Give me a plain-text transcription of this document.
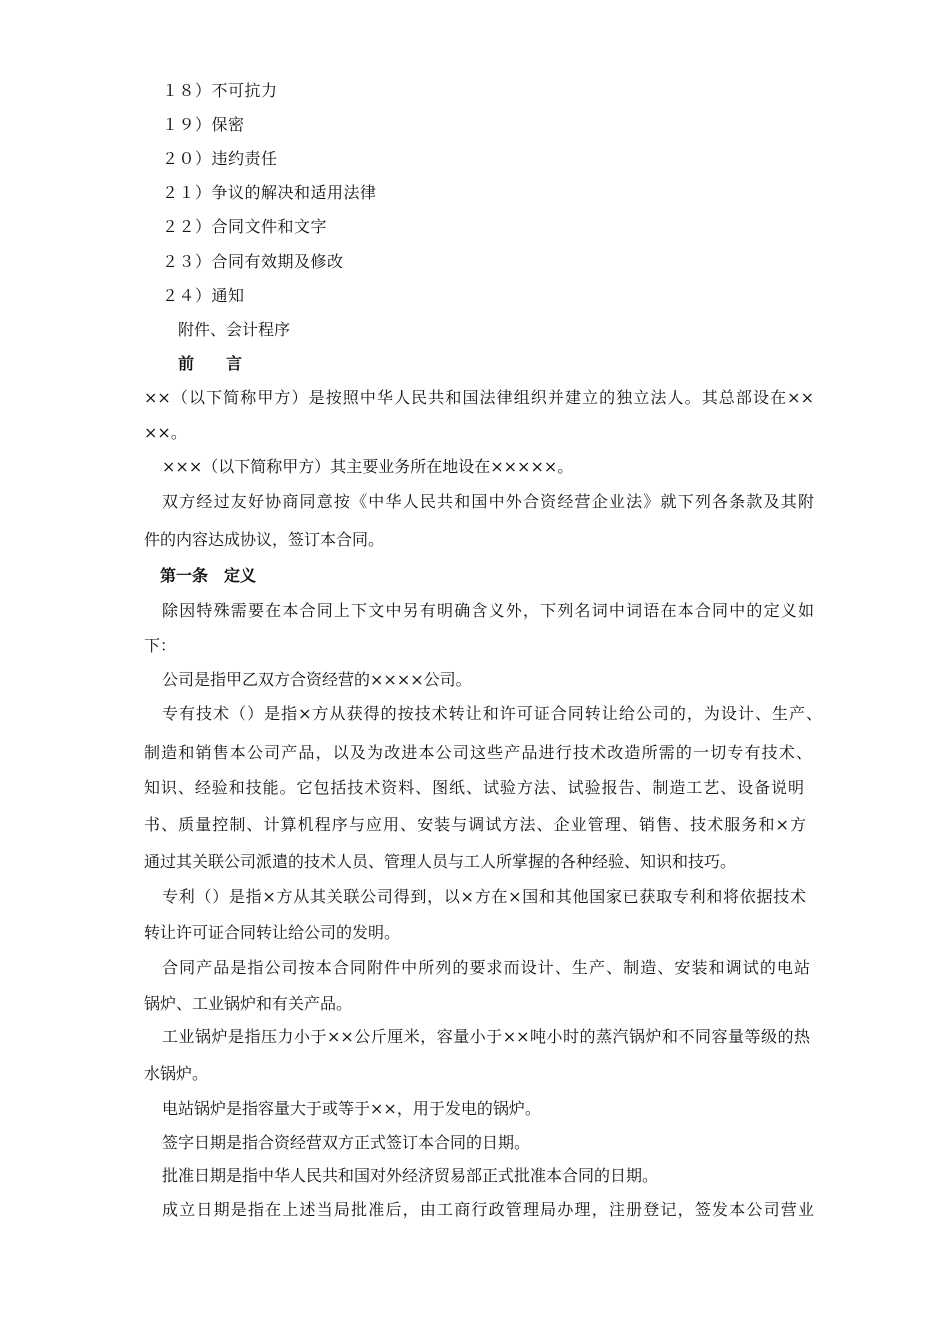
１８）不可抗力
１９）保密
２０）违约责任
２１）争议的解决和适用法律
２２）合同文件和文字
２３）合同有效期及修改
２４）通知
附件、会计程序
前　　言
××（以下简称甲方）是按照中华人民共和国法律组织并建立的独立法人。其总部设在××
××。
×××（以下简称甲方）其主要业务所在地设在×××××。
双方经过友好协商同意按《中华人民共和国中外合资经营企业法》就下列各条款及其附
件的内容达成协议，签订本合同。
第一条　定义
除因特殊需要在本合同上下文中另有明确含义外，下列名词中词语在本合同中的定义如
下：
公司是指甲乙双方合资经营的××××公司。
专有技术（）是指×方从获得的按技术转让和许可证合同转让给公司的，为设计、生产、
制造和销售本公司产品，以及为改进本公司这些产品进行技术改造所需的一切专有技术、
知识、经验和技能。它包括技术资料、图纸、试验方法、试验报告、制造工艺、设备说明
书、质量控制、计算机程序与应用、安装与调试方法、企业管理、销售、技术服务和×方
通过其关联公司派遣的技术人员、管理人员与工人所掌握的各种经验、知识和技巧。
专利（）是指×方从其关联公司得到，以×方在×国和其他国家已获取专利和将依据技术
转让许可证合同转让给公司的发明。
合同产品是指公司按本合同附件中所列的要求而设计、生产、制造、安装和调试的电站
锅炉、工业锅炉和有关产品。
工业锅炉是指压力小于××公斤厘米，容量小于××吨小时的蒸汽锅炉和不同容量等级的热
水锅炉。
电站锅炉是指容量大于或等于××，用于发电的锅炉。
签字日期是指合资经营双方正式签订本合同的日期。
批准日期是指中华人民共和国对外经济贸易部正式批准本合同的日期。
成立日期是指在上述当局批准后，由工商行政管理局办理，注册登记，签发本公司营业
